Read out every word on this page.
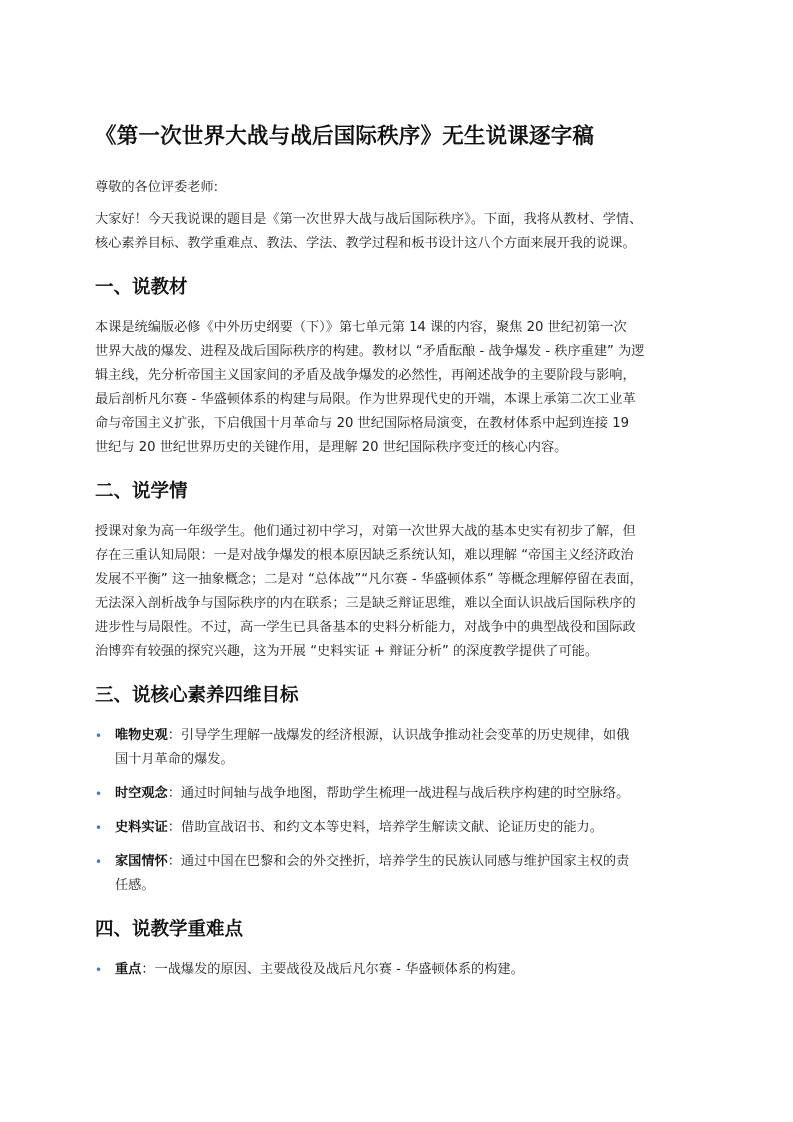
《第一次世界大战与战后国际秩序》无生说课逐字稿

尊敬的各位评委老师:

大家好！今天我说课的题目是《第一次世界大战与战后国际秩序》。下面，我将从教材、学情、
核心素养目标、教学重难点、教法、学法、教学过程和板书设计这八个方面来展开我的说课。

一、说教材

本课是统编版必修《中外历史纲要（下）》第七单元第 14 课的内容，聚焦 20 世纪初第一次
世界大战的爆发、进程及战后国际秩序的构建。教材以 “矛盾酝酿 - 战争爆发 - 秩序重建” 为逻
辑主线，先分析帝国主义国家间的矛盾及战争爆发的必然性，再阐述战争的主要阶段与影响，
最后剖析凡尔赛 - 华盛顿体系的构建与局限。作为世界现代史的开端，本课上承第二次工业革
命与帝国主义扩张，下启俄国十月革命与 20 世纪国际格局演变，在教材体系中起到连接 19
世纪与 20 世纪世界历史的关键作用，是理解 20 世纪国际秩序变迁的核心内容。

二、说学情

授课对象为高一年级学生。他们通过初中学习，对第一次世界大战的基本史实有初步了解，但
存在三重认知局限：一是对战争爆发的根本原因缺乏系统认知，难以理解 “帝国主义经济政治
发展不平衡” 这一抽象概念；二是对 “总体战”“凡尔赛 - 华盛顿体系” 等概念理解停留在表面，
无法深入剖析战争与国际秩序的内在联系；三是缺乏辩证思维，难以全面认识战后国际秩序的
进步性与局限性。不过，高一学生已具备基本的史料分析能力，对战争中的典型战役和国际政
治博弈有较强的探究兴趣，这为开展 “史料实证 + 辩证分析” 的深度教学提供了可能。

三、说核心素养四维目标
• 唯物史观：引导学生理解一战爆发的经济根源，认识战争推动社会变革的历史规律，如俄
国十月革命的爆发。
• 时空观念：通过时间轴与战争地图，帮助学生梳理一战进程与战后秩序构建的时空脉络。
• 史料实证：借助宣战诏书、和约文本等史料，培养学生解读文献、论证历史的能力。
• 家国情怀：通过中国在巴黎和会的外交挫折，培养学生的民族认同感与维护国家主权的责
任感。
四、说教学重难点
• 重点：一战爆发的原因、主要战役及战后凡尔赛 - 华盛顿体系的构建。
